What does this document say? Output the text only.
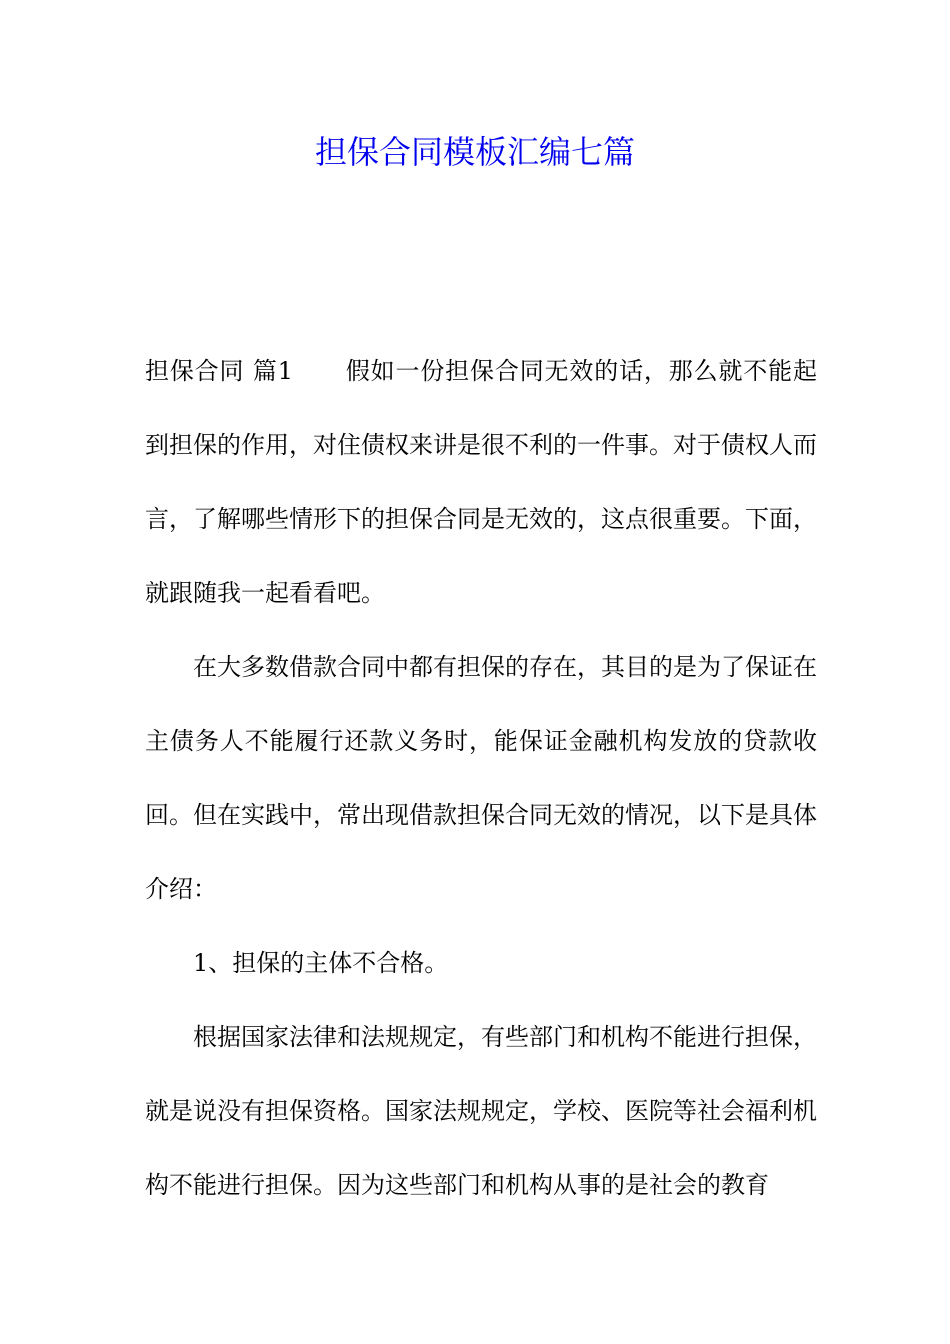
担保合同模板汇编七篇

担保合同 篇1 假如一份担保合同无效的话，那么就不能起到担保的作用，对住债权来讲是很不利的一件事。对于债权人而言，了解哪些情形下的担保合同是无效的，这点很重要。下面，就跟随我一起看看吧。

在大多数借款合同中都有担保的存在，其目的是为了保证在主债务人不能履行还款义务时，能保证金融机构发放的贷款收回。但在实践中，常出现借款担保合同无效的情况，以下是具体介绍：

1、担保的主体不合格。

根据国家法律和法规规定，有些部门和机构不能进行担保，就是说没有担保资格。国家法规规定，学校、医院等社会福利机构不能进行担保。因为这些部门和机构从事的是社会的教育
